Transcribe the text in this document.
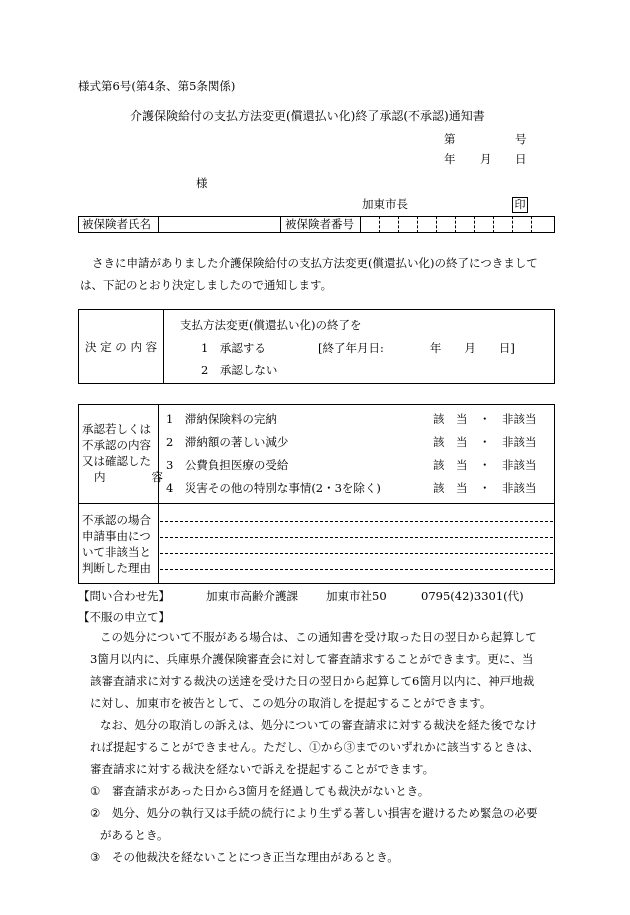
様式第6号(第4条、第5条関係)
介護保険給付の支払方法変更(償還払い化)終了承認(不承認)通知書
第	号
年 月 日
様
加東市長	印
被保険者氏名	被保険者番号
さきに申請がありました介護保険給付の支払方法変更(償還払い化)の終了につきまして
は、下記のとおり決定しましたので通知します。
決 定 の 内 容
支払方法変更(償還払い化)の終了を
1　承認する	[終了年月日:　　　　年　　月　　日]
2　承認しない
承認若しくは
不承認の内容
又は確認した
内　　　　容
1　滞納保険料の完納	該　当　・　非該当
2　滞納額の著しい減少	該　当　・　非該当
3　公費負担医療の受給	該　当　・　非該当
4　災害その他の特別な事情(2・3を除く)	該　当　・　非該当
不承認の場合
申請事由につ
いて非該当と
判断した理由
【問い合わせ先】	加東市高齢介護課 加東市社50	0795(42)3301(代)
【不服の申立て】
この処分について不服がある場合は、この通知書を受け取った日の翌日から起算して
3箇月以内に、兵庫県介護保険審査会に対して審査請求することができます。更に、当
該審査請求に対する裁決の送達を受けた日の翌日から起算して6箇月以内に、神戸地裁
に対し、加東市を被告として、この処分の取消しを提起することができます。
なお、処分の取消しの訴えは、処分についての審査請求に対する裁決を経た後でなけ
れば提起することができません。ただし、①から③までのいずれかに該当するときは、
審査請求に対する裁決を経ないで訴えを提起することができます。
① 審査請求があった日から3箇月を経過しても裁決がないとき。
② 処分、処分の執行又は手続の続行により生ずる著しい損害を避けるため緊急の必要
があるとき。
③ その他裁決を経ないことにつき正当な理由があるとき。
